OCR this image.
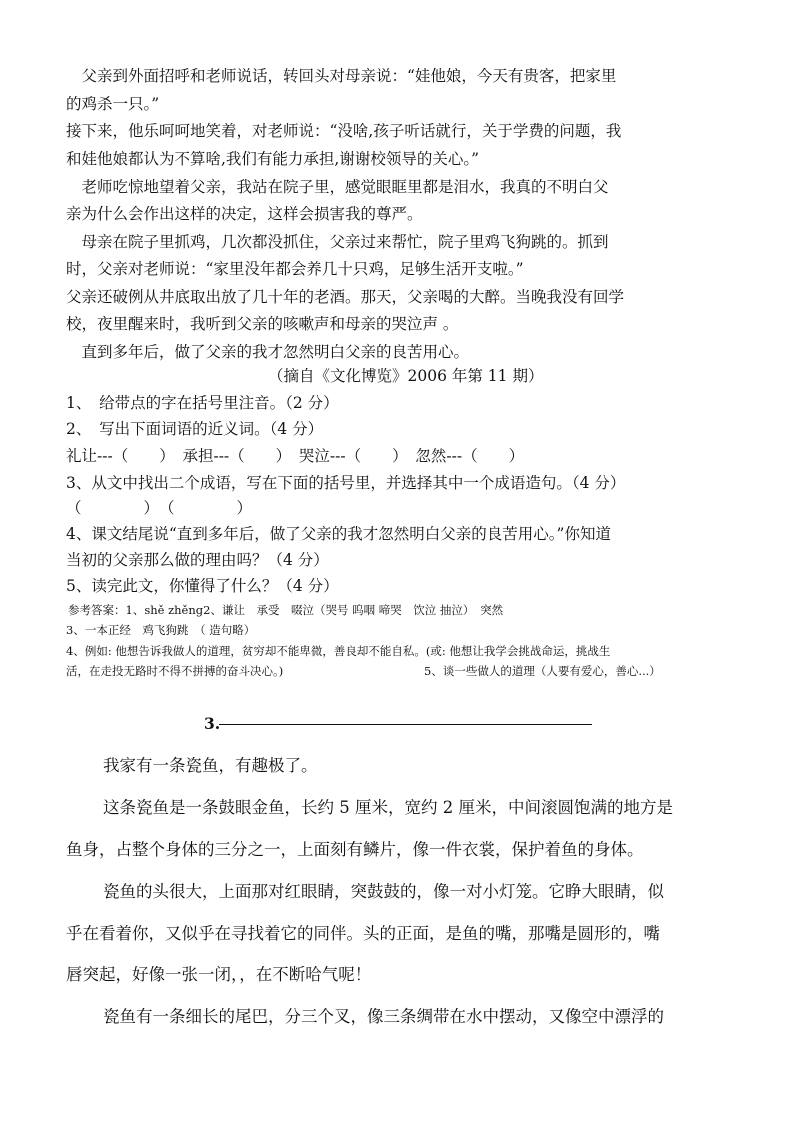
　父亲到外面招呼和老师说话，转回头对母亲说：“娃他娘，今天有贵客，把家里
的鸡杀一只。”
接下来，他乐呵呵地笑着，对老师说：“没啥,孩子听话就行，关于学费的问题，我
和娃他娘都认为不算啥,我们有能力承担,谢谢校领导的关心。”
　老师吃惊地望着父亲，我站在院子里，感觉眼眶里都是泪水，我真的不明白父
亲为什么会作出这样的决定，这样会损害我的尊严。
　母亲在院子里抓鸡，几次都没抓住，父亲过来帮忙，院子里鸡飞狗跳的。抓到
时，父亲对老师说：“家里没年都会养几十只鸡，足够生活开支啦。”
父亲还破例从井底取出放了几十年的老酒。那天，父亲喝的大醉。当晚我没有回学
校，夜里醒来时，我听到父亲的咳嗽声和母亲的哭泣声 。
　直到多年后，做了父亲的我才忽然明白父亲的良苦用心。
（摘自《文化博览》2006 年第 11 期）
1、　给带点的字在括号里注音。（2 分）
2、　写出下面词语的近义词。（4 分）
礼让---（　　）　承担---（　　）　哭泣---（　　）　忽然---（　　）
3、从文中找出二个成语，写在下面的括号里，并选择其中一个成语造句。（4 分）
（　　　　）　（　　　　）
4、课文结尾说“直到多年后，做了父亲的我才忽然明白父亲的良苦用心。”你知道
当初的父亲那么做的理由吗？（4 分）
5、读完此文，你懂得了什么？（4 分）
参考答案：1、shě zhěng2、谦让　承受　啜泣（哭号 呜咽 啼哭　饮泣 抽泣）　突然
3、一本正经　鸡飞狗跳　（ 造句略）
4、例如: 他想告诉我做人的道理，贫穷却不能卑微，善良却不能自私。(或: 他想让我学会挑战命运，挑战生
活，在走投无路时不得不拼搏的奋斗决心。)	5、谈一些做人的道理（人要有爱心，善心...）
3.
我家有一条瓷鱼，有趣极了。
这条瓷鱼是一条鼓眼金鱼，长约 5 厘米，宽约 2 厘米，中间滚圆饱满的地方是
鱼身，占整个身体的三分之一，上面刻有鳞片，像一件衣裳，保护着鱼的身体。
瓷鱼的头很大，上面那对红眼睛，突鼓鼓的，像一对小灯笼。它睁大眼睛，似
乎在看着你，又似乎在寻找着它的同伴。头的正面，是鱼的嘴，那嘴是圆形的，嘴
唇突起，好像一张一闭，，在不断哈气呢！
瓷鱼有一条细长的尾巴，分三个叉，像三条绸带在水中摆动，又像空中漂浮的
